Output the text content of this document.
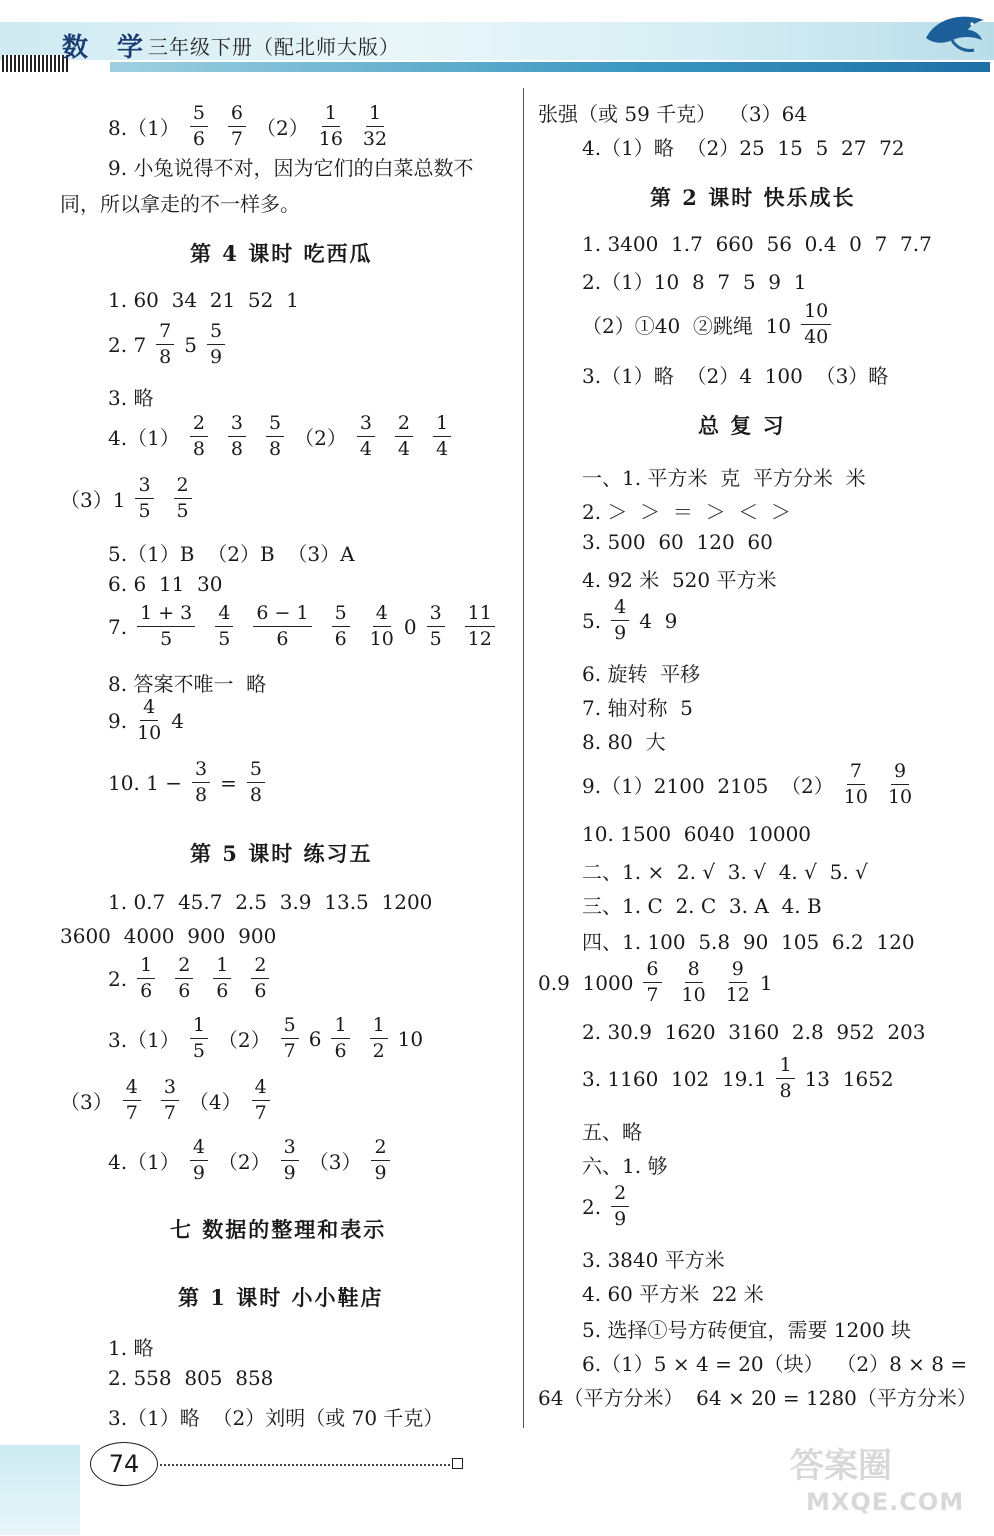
数 学
三年级下册（配北师大版）
$8.(1) \frac{5}{6} \frac{6}{7} (2) \frac{1}{16} \frac{1}{32}$
9. 小兔说得不对，因为它们的白菜总数不
同，所以拿走的不一样多。
第 4 课时 吃西瓜
1. 60  34  21  52  1
2. $7 \frac{7}{8} 5 \frac{5}{9}$
3. 略
$4.(1) \frac{2}{8} \frac{3}{8} \frac{5}{8} (2) \frac{3}{4} \frac{2}{4} \frac{1}{4}$
$(3)1 \frac{3}{5} \frac{2}{5}$
5.（1）B  （2）B  （3）A
6. 6  11  30
7. $\frac{1 + 3}{5} \frac{4}{5} \frac{6 - 1}{6} \frac{5}{6} \frac{4}{10} 0 \frac{3}{5} \frac{11}{12}$
8. 答案不唯一  略
9. $\frac{4}{10} 4$
10. $1 - \frac{3}{8} = \frac{5}{8}$
第 5 课时 练习五
1. 0.7  45.7  2.5  3.9  13.5  1200
3600  4000  900  900
2. $\frac{1}{6} \frac{2}{6} \frac{1}{6} \frac{2}{6}$
$3.(1) \frac{1}{5} (2) \frac{5}{7} 6 \frac{1}{6} \frac{1}{2} 10$
$(3) \frac{4}{7} \frac{3}{7} (4) \frac{4}{7}$
$4.(1) \frac{4}{9} (2) \frac{3}{9} (3) \frac{2}{9}$
七 数据的整理和表示
第 1 课时 小小鞋店
1. 略
2. 558  805  858
3.（1）略  （2）刘明（或 70 千克）
张强（或 59 千克）  （3）64
4.（1）略  （2）25  15  5  27  72
第 2 课时 快乐成长
1. 3400  1.7  660  56  0.4  0  7  7.7
2.（1）10  8  7  5  9  1
（2）①40  ②跳绳  $10 \frac{10}{40}$
3.（1）略  （2）4  100  （3）略
总 复 习
一、1. 平方米  克  平方分米  米
2. ＞  ＞  ＝  ＞  ＜  ＞
3. 500  60  120  60
4. 92 米  520 平方米
5. $\frac{4}{9} 4$  9
6. 旋转  平移
7. 轴对称  5
8. 80  大
9.（1）2100  2105  $(2) \frac{7}{10} \frac{9}{10}$
10. 1500  6040  10000
二、1. ×  2. √  3. √  4. √  5. √
三、1. C  2. C  3. A  4. B
四、1. 100  5.8  90  105  6.2  120
0.9  $1000 \frac{6}{7} \frac{8}{10} \frac{9}{12} 1$
2. 30.9  1620  3160  2.8  952  203
3. 1160  102  $19.1 \frac{1}{8} 13$  1652
五、略
六、1. 够
2. $\frac{2}{9}$
3. 3840 平方米
4. 60 平方米  22 米
5. 选择①号方砖便宜，需要 1200 块
6.（1）5 × 4 = 20（块）  （2）8 × 8 =
64（平方分米）  64 × 20 = 1280（平方分米）
74	答案圈
MXQE.COM
